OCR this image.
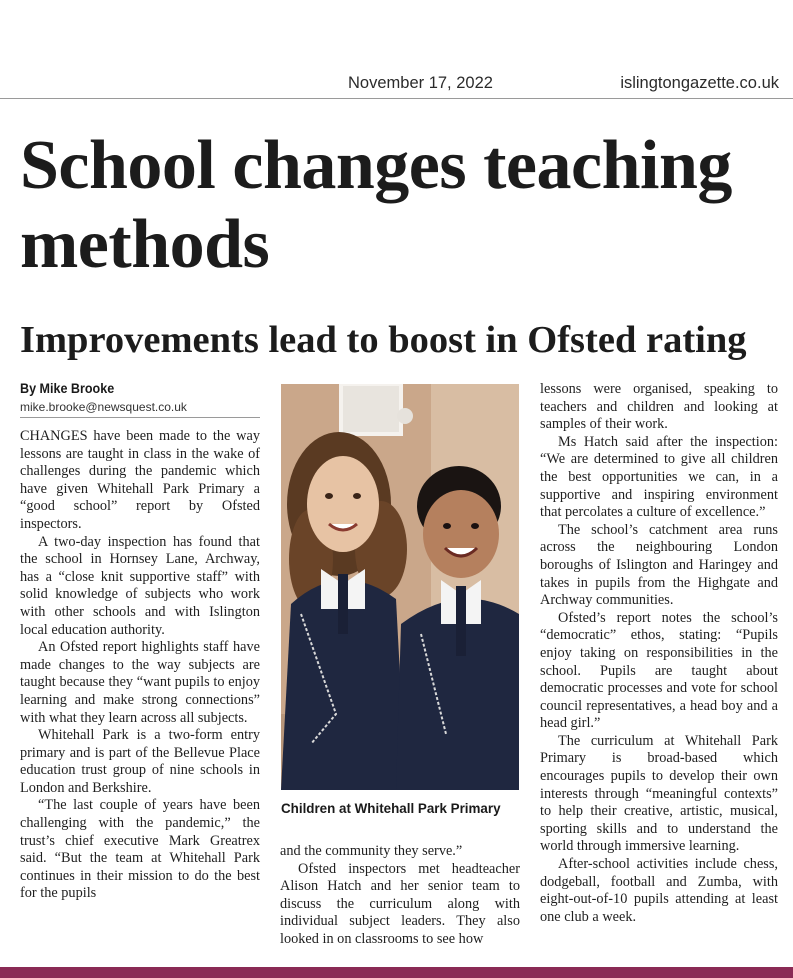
November 17, 2022	islingtongazette.co.uk
School changes teaching methods
Improvements lead to boost in Ofsted rating
By Mike Brooke
mike.brooke@newsquest.co.uk

CHANGES have been made to the way lessons are taught in class in the wake of challenges during the pandemic which have given Whitehall Park Primary a “good school” report by Ofsted inspectors.

A two-day inspection has found that the school in Hornsey Lane, Archway, has a “close knit supportive staff” with solid knowledge of subjects who work with other schools and with Islington local education authority.

An Ofsted report highlights staff have made changes to the way subjects are taught because they “want pupils to enjoy learning and make strong connections” with what they learn across all subjects.

Whitehall Park is a two-form entry primary and is part of the Bellevue Place education trust group of nine schools in London and Berkshire.

“The last couple of years have been challenging with the pandemic,” the trust’s chief executive Mark Greatrex said. “But the team at Whitehall Park continues in their mission to do the best for the pupils

Children at Whitehall Park Primary

and the community they serve.”

Ofsted inspectors met headteacher Alison Hatch and her senior team to discuss the curriculum along with individual subject leaders. They also looked in on classrooms to see how

lessons were organised, speaking to teachers and children and looking at samples of their work.

Ms Hatch said after the inspection: “We are determined to give all children the best opportunities we can, in a supportive and inspiring environment that percolates a culture of excellence.”

The school’s catchment area runs across the neighbouring London boroughs of Islington and Haringey and takes in pupils from the Highgate and Archway communities.

Ofsted’s report notes the school’s “democratic” ethos, stating: “Pupils enjoy taking on responsibilities in the school. Pupils are taught about democratic processes and vote for school council representatives, a head boy and a head girl.”

The curriculum at Whitehall Park Primary is broad-based which encourages pupils to develop their own interests through “meaningful contexts” to help their creative, artistic, musical, sporting skills and to understand the world through immersive learning.

After-school activities include chess, dodgeball, football and Zumba, with eight-out-of-10 pupils attending at least one club a week.
